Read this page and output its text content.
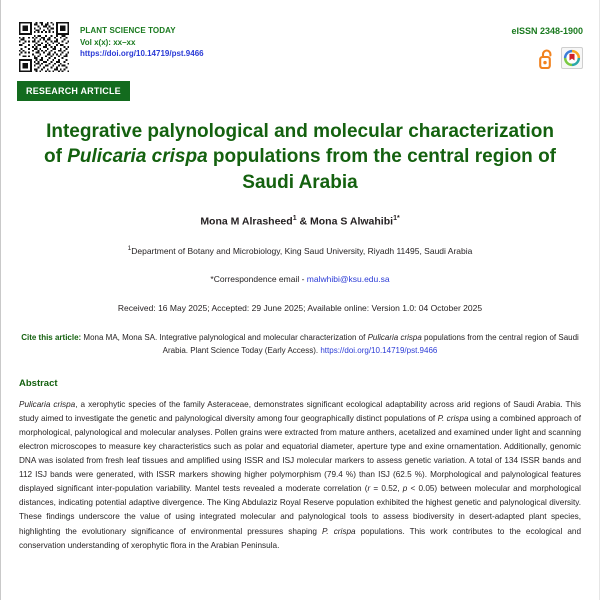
PLANT SCIENCE TODAY
Vol x(x): xx–xx
https://doi.org/10.14719/pst.9466
eISSN 2348-1900
RESEARCH ARTICLE
Integrative palynological and molecular characterization of Pulicaria crispa populations from the central region of Saudi Arabia
Mona M Alrasheed$^1$ & Mona S Alwahibi$^{1*}$
$^1$Department of Botany and Microbiology, King Saud University, Riyadh 11495, Saudi Arabia
*Correspondence email - malwhibi@ksu.edu.sa
Received: 16 May 2025; Accepted: 29 June 2025; Available online: Version 1.0: 04 October 2025
Cite this article: Mona MA, Mona SA. Integrative palynological and molecular characterization of Pulicaria crispa populations from the central region of Saudi Arabia. Plant Science Today (Early Access). https://doi.org/10.14719/pst.9466
Abstract
Pulicaria crispa, a xerophytic species of the family Asteraceae, demonstrates significant ecological adaptability across arid regions of Saudi Arabia. This study aimed to investigate the genetic and palynological diversity among four geographically distinct populations of P. crispa using a combined approach of morphological, palynological and molecular analyses. Pollen grains were extracted from mature anthers, acetalized and examined under light and scanning electron microscopes to measure key characteristics such as polar and equatorial diameter, aperture type and exine ornamentation. Additionally, genomic DNA was isolated from fresh leaf tissues and amplified using ISSR and ISJ molecular markers to assess genetic variation. A total of 134 ISSR bands and 112 ISJ bands were generated, with ISSR markers showing higher polymorphism (79.4 %) than ISJ (62.5 %). Morphological and palynological features displayed significant inter-population variability. Mantel tests revealed a moderate correlation (r = 0.52, p < 0.05) between molecular and morphological distances, indicating potential adaptive divergence. The King Abdulaziz Royal Reserve population exhibited the highest genetic and palynological diversity. These findings underscore the value of using integrated molecular and palynological tools to assess biodiversity in desert-adapted plant species, highlighting the evolutionary significance of environmental pressures shaping P. crispa populations. This work contributes to the ecological and conservation understanding of xerophytic flora in the Arabian Peninsula.
